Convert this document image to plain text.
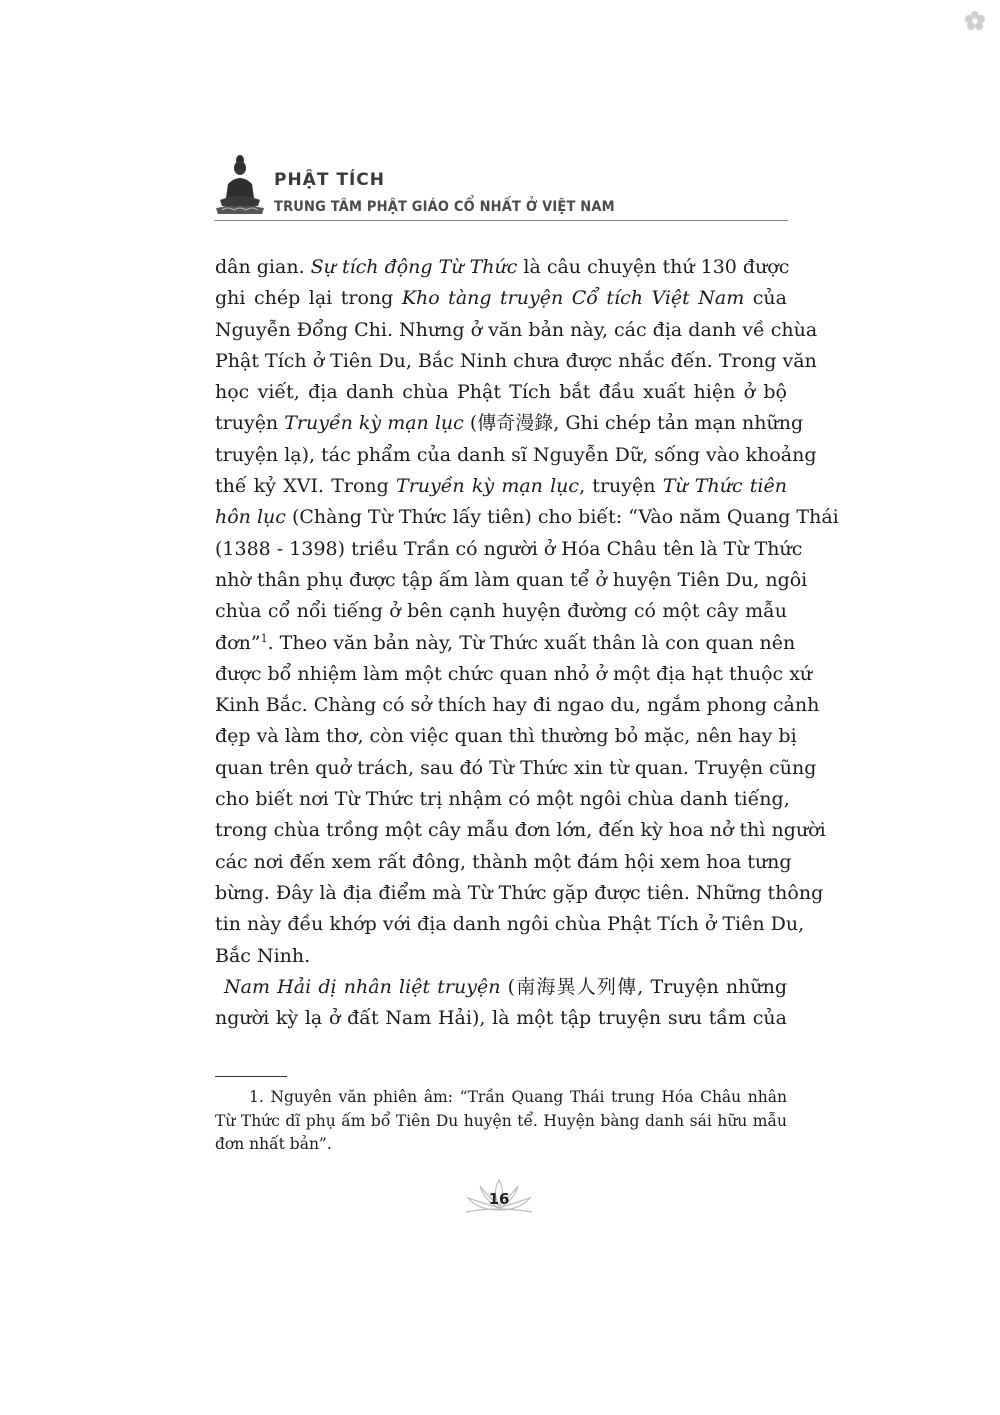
PHẬT TÍCH
TRUNG TÂM PHẬT GIÁO CỔ NHẤT Ở VIỆT NAM
dân gian. Sự tích động Từ Thức là câu chuyện thứ 130 được
ghi chép lại trong Kho tàng truyện Cổ tích Việt Nam của
Nguyễn Đổng Chi. Nhưng ở văn bản này, các địa danh về chùa
Phật Tích ở Tiên Du, Bắc Ninh chưa được nhắc đến. Trong văn
học viết, địa danh chùa Phật Tích bắt đầu xuất hiện ở bộ
truyện Truyền kỳ mạn lục (傳奇漫錄, Ghi chép tản mạn những
truyện lạ), tác phẩm của danh sĩ Nguyễn Dữ, sống vào khoảng
thế kỷ XVI. Trong Truyền kỳ mạn lục, truyện Từ Thức tiên
hôn lục (Chàng Từ Thức lấy tiên) cho biết: “Vào năm Quang Thái
(1388 - 1398) triều Trần có người ở Hóa Châu tên là Từ Thức
nhờ thân phụ được tập ấm làm quan tể ở huyện Tiên Du, ngôi
chùa cổ nổi tiếng ở bên cạnh huyện đường có một cây mẫu
đơn”$^1$. Theo văn bản này, Từ Thức xuất thân là con quan nên
được bổ nhiệm làm một chức quan nhỏ ở một địa hạt thuộc xứ
Kinh Bắc. Chàng có sở thích hay đi ngao du, ngắm phong cảnh
đẹp và làm thơ, còn việc quan thì thường bỏ mặc, nên hay bị
quan trên quở trách, sau đó Từ Thức xin từ quan. Truyện cũng
cho biết nơi Từ Thức trị nhậm có một ngôi chùa danh tiếng,
trong chùa trồng một cây mẫu đơn lớn, đến kỳ hoa nở thì người
các nơi đến xem rất đông, thành một đám hội xem hoa tưng
bừng. Đây là địa điểm mà Từ Thức gặp được tiên. Những thông
tin này đều khớp với địa danh ngôi chùa Phật Tích ở Tiên Du,
Bắc Ninh.
Nam Hải dị nhân liệt truyện (南海異人列傳, Truyện những
người kỳ lạ ở đất Nam Hải), là một tập truyện sưu tầm của
1. Nguyên văn phiên âm: “Trần Quang Thái trung Hóa Châu nhân
Từ Thức dĩ phụ ấm bổ Tiên Du huyện tể. Huyện bàng danh sái hữu mẫu
đơn nhất bản”.
16
